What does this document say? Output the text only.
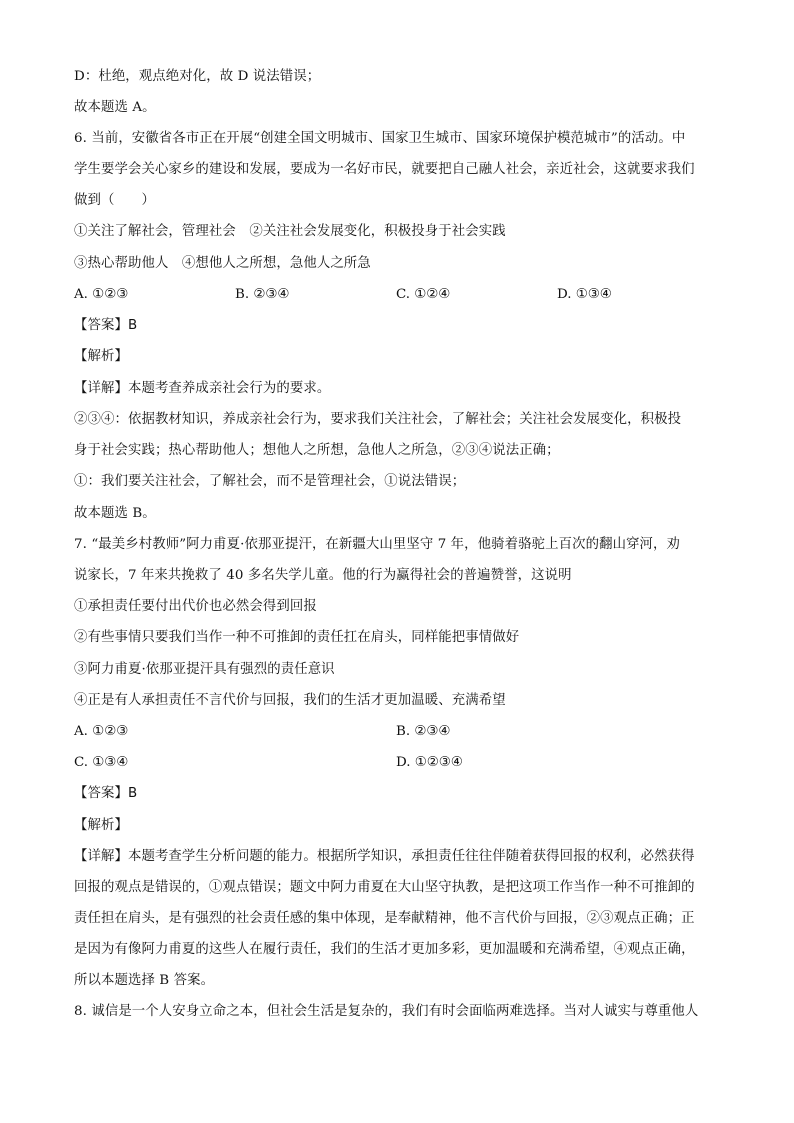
D：杜绝，观点绝对化，故 D 说法错误；
故本题选 A。
6. 当前，安徽省各市正在开展“创建全国文明城市、国家卫生城市、国家环境保护模范城市”的活动。中
学生要学会关心家乡的建设和发展，要成为一名好市民，就要把自己融人社会，亲近社会，这就要求我们
做到（　　）
①关注了解社会，管理社会　②关注社会发展变化，积极投身于社会实践
③热心帮助他人　④想他人之所想，急他人之所急
A. ①②③	B. ②③④	C. ①②④	D. ①③④
【答案】B
【解析】
【详解】本题考查养成亲社会行为的要求。
②③④：依据教材知识，养成亲社会行为，要求我们关注社会，了解社会；关注社会发展变化，积极投
身于社会实践；热心帮助他人；想他人之所想，急他人之所急，②③④说法正确；
①：我们要关注社会，了解社会，而不是管理社会，①说法错误；
故本题选 B。
7. “最美乡村教师”阿力甫夏·依那亚提汗，在新疆大山里坚守 7 年，他骑着骆驼上百次的翻山穿河，劝
说家长，7 年来共挽救了 40 多名失学儿童。他的行为赢得社会的普遍赞誉，这说明
①承担责任要付出代价也必然会得到回报
②有些事情只要我们当作一种不可推卸的责任扛在肩头，同样能把事情做好
③阿力甫夏·依那亚提汗具有强烈的责任意识
④正是有人承担责任不言代价与回报，我们的生活才更加温暖、充满希望
A. ①②③	B. ②③④
C. ①③④	D. ①②③④
【答案】B
【解析】
【详解】本题考查学生分析问题的能力。根据所学知识，承担责任往往伴随着获得回报的权利，必然获得
回报的观点是错误的，①观点错误；题文中阿力甫夏在大山坚守执教，是把这项工作当作一种不可推卸的
责任担在肩头，是有强烈的社会责任感的集中体现，是奉献精神，他不言代价与回报，②③观点正确；正
是因为有像阿力甫夏的这些人在履行责任，我们的生活才更加多彩，更加温暖和充满希望，④观点正确，
所以本题选择 B 答案。
8. 诚信是一个人安身立命之本，但社会生活是复杂的，我们有时会面临两难选择。当对人诚实与尊重他人
